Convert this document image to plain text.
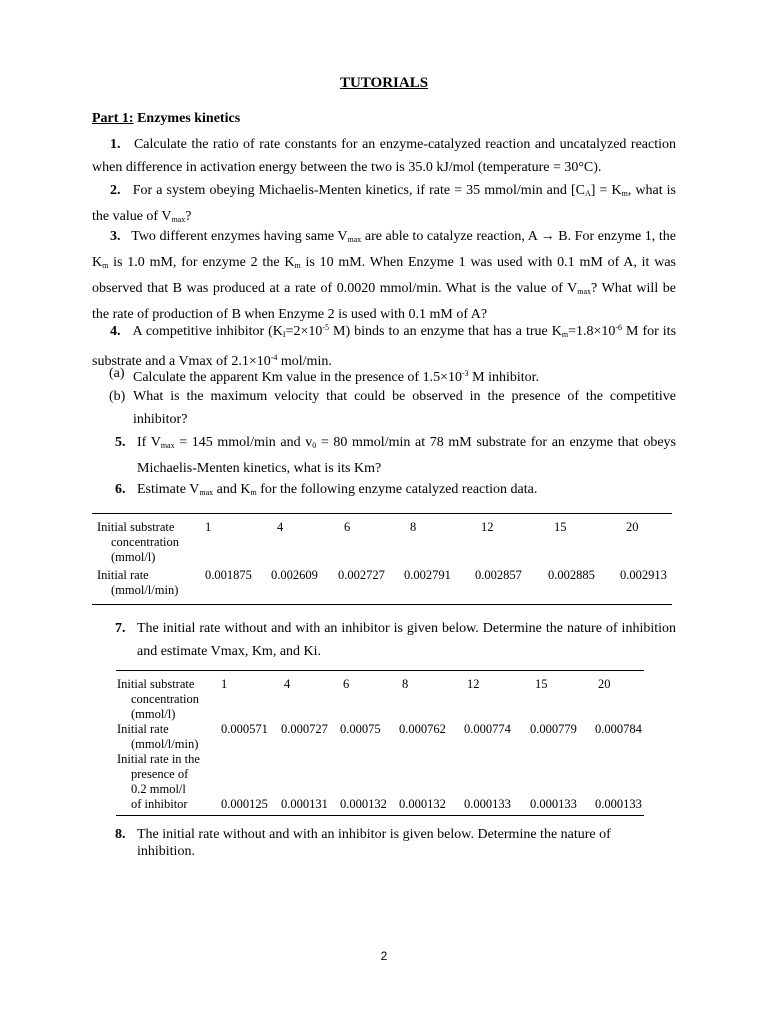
TUTORIALS
Part 1: Enzymes kinetics
1. Calculate the ratio of rate constants for an enzyme-catalyzed reaction and uncatalyzed reaction when difference in activation energy between the two is 35.0 kJ/mol (temperature = 30°C).
2. For a system obeying Michaelis-Menten kinetics, if rate = 35 mmol/min and $[C_A] = K_m$, what is the value of $V_{max}$?
3. Two different enzymes having same $V_{max}$ are able to catalyze reaction, A → B. For enzyme 1, the $K_m$ is 1.0 mM, for enzyme 2 the $K_m$ is 10 mM. When Enzyme 1 was used with 0.1 mM of A, it was observed that B was produced at a rate of 0.0020 mmol/min. What is the value of $V_{max}$? What will be the rate of production of B when Enzyme 2 is used with 0.1 mM of A?
4. A competitive inhibitor ($K_I=2\times 10^{-5}$ M) binds to an enzyme that has a true $K_m=1.8\times 10^{-6}$ M for its substrate and a Vmax of $2.1\times 10^{-4}$ mol/min.
(a) Calculate the apparent Km value in the presence of $1.5\times 10^{-3}$ M inhibitor.
(b) What is the maximum velocity that could be observed in the presence of the competitive inhibitor?
5. If $V_{max} = 145$ mmol/min and $v_0 = 80$ mmol/min at 78 mM substrate for an enzyme that obeys Michaelis-Menten kinetics, what is its Km?
6. Estimate $V_{max}$ and $K_m$ for the following enzyme catalyzed reaction data.
Initial substrate
concentration
(mmol/l)	1	4	6	8	12	15	20
Initial rate
(mmol/l/min)	0.001875	0.002609	0.002727	0.002791	0.002857	0.002885	0.002913
7. The initial rate without and with an inhibitor is given below. Determine the nature of inhibition and estimate Vmax, Km, and Ki.
Initial substrate
concentration
(mmol/l)	1	4	6	8	12	15	20
Initial rate
(mmol/l/min)	0.000571	0.000727	0.00075	0.000762	0.000774	0.000779	0.000784
Initial rate in the
presence of
0.2 mmol/l
of inhibitor	0.000125	0.000131	0.000132	0.000132	0.000133	0.000133	0.000133
8. The initial rate without and with an inhibitor is given below. Determine the nature of inhibition.
2
